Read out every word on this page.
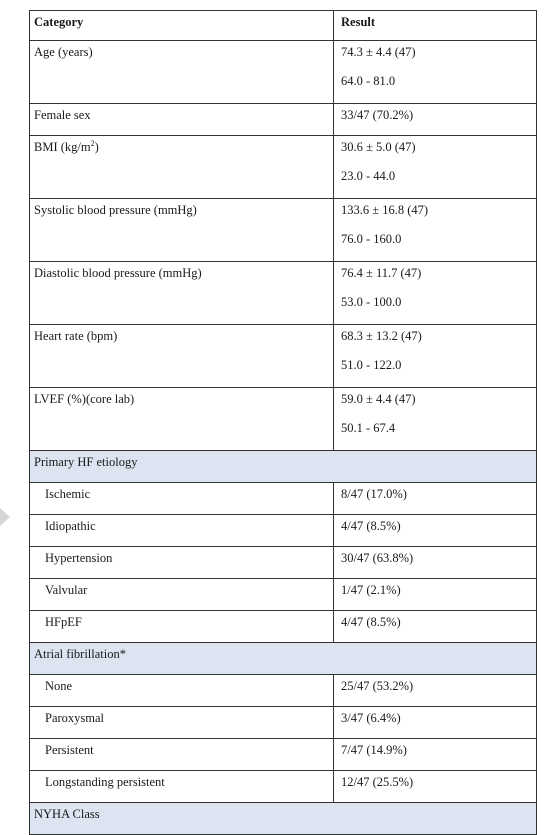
Category	Result
Age (years)	74.3 ± 4.4 (47)
64.0 - 81.0

Female sex	33/47 (70.2%)
BMI $(kg/m^2)$	30.6 ± 5.0 (47)
23.0 - 44.0

Systolic blood pressure (mmHg)	133.6 ± 16.8 (47)
76.0 - 160.0

Diastolic blood pressure (mmHg)	76.4 ± 11.7 (47)
53.0 - 100.0

Heart rate (bpm)	68.3 ± 13.2 (47)
51.0 - 122.0

LVEF (%)(core lab)	59.0 ± 4.4 (47)
50.1 - 67.4

Primary HF etiology	
Ischemic	8/47 (17.0%)
Idiopathic	4/47 (8.5%)
Hypertension	30/47 (63.8%)
Valvular	1/47 (2.1%)
HFpEF	4/47 (8.5%)
Atrial fibrillation*	
None	25/47 (53.2%)
Paroxysmal	3/47 (6.4%)
Persistent	7/47 (14.9%)
Longstanding persistent	12/47 (25.5%)
NYHA Class	
